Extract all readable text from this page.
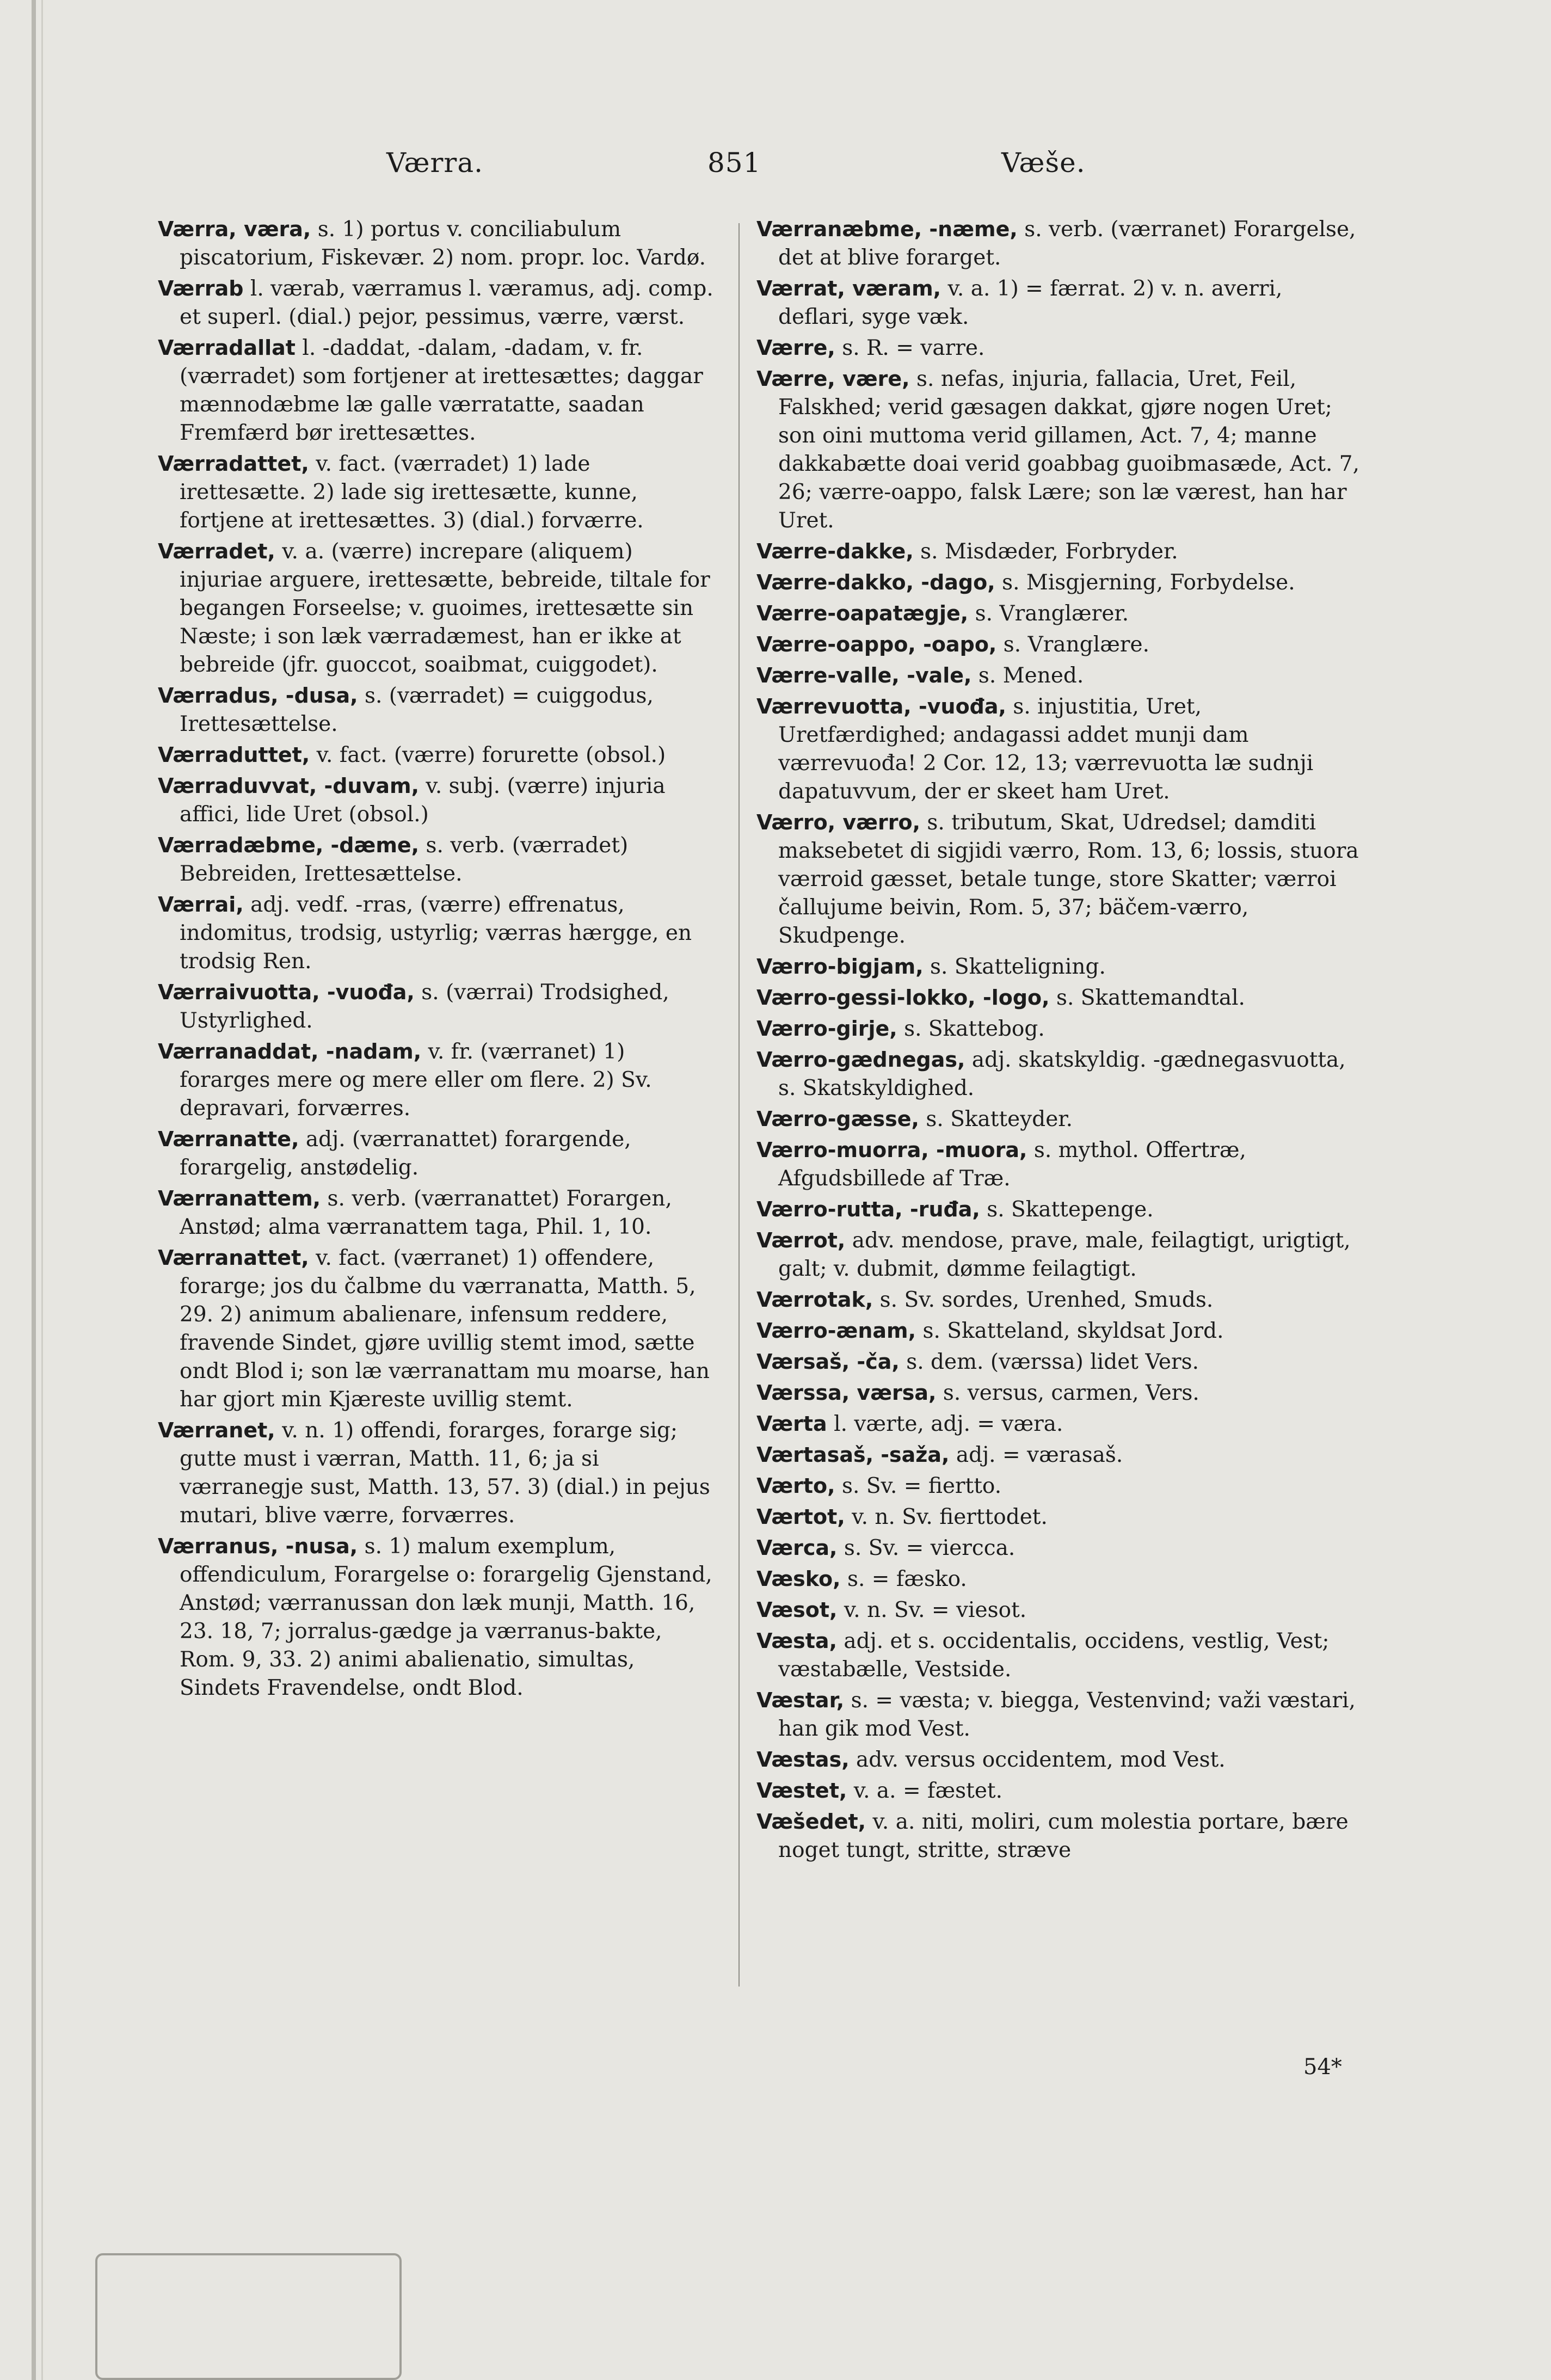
Værra.	851	Væše.

Værra, væra, s. 1) portus v. conciliabulum piscatorium, Fiskevær. 2) nom. propr. loc. Vardø.

Værrab l. værab, værramus l. væramus, adj. comp. et superl. (dial.) pejor, pessimus, værre, værst.

Værradallat l. -daddat, -dalam, -dadam, v. fr. (værradet) som fortjener at irettesættes; daggar mænnodæbme læ galle værratatte, saadan Fremfærd bør irettesættes.

Værradattet, v. fact. (værradet) 1) lade irettesætte. 2) lade sig irettesætte, kunne, fortjene at irettesættes. 3) (dial.) forværre.

Værradet, v. a. (værre) increpare (aliquem) injuriae arguere, irettesætte, bebreide, tiltale for begangen Forseelse; v. guoimes, irettesætte sin Næste; i son læk værradæmest, han er ikke at bebreide (jfr. guoccot, soaibmat, cuiggodet).

Værradus, -dusa, s. (værradet) = cuiggodus, Irettesættelse.

Værraduttet, v. fact. (værre) forurette (obsol.)

Værraduvvat, -duvam, v. subj. (værre) injuria affici, lide Uret (obsol.)

Værradæbme, -dæme, s. verb. (værradet) Bebreiden, Irettesættelse.

Værrai, adj. vedf. -rras, (værre) effrenatus, indomitus, trodsig, ustyrlig; værras hærgge, en trodsig Ren.

Værraivuotta, -vuođa, s. (værrai) Trodsighed, Ustyrlighed.

Værranaddat, -nadam, v. fr. (værranet) 1) forarges mere og mere eller om flere. 2) Sv. depravari, forværres.

Værranatte, adj. (værranattet) forargende, forargelig, anstødelig.

Værranattem, s. verb. (værranattet) Forargen, Anstød; alma værranattem taga, Phil. 1, 10.

Værranattet, v. fact. (værranet) 1) offendere, forarge; jos du čalbme du værranatta, Matth. 5, 29. 2) animum abalienare, infensum reddere, fravende Sindet, gjøre uvillig stemt imod, sætte ondt Blod i; son læ værranattam mu moarse, han har gjort min Kjæreste uvillig stemt.

Værranet, v. n. 1) offendi, forarges, forarge sig; gutte must i værran, Matth. 11, 6; ja si værranegje sust, Matth. 13, 57. 3) (dial.) in pejus mutari, blive værre, forværres.

Værranus, -nusa, s. 1) malum exemplum, offendiculum, Forargelse o: forargelig Gjenstand, Anstød; værranussan don læk munji, Matth. 16, 23. 18, 7; jorralus-gædge ja værranus-bakte, Rom. 9, 33. 2) animi abalienatio, simultas, Sindets Fravendelse, ondt Blod.

Værranæbme, -næme, s. verb. (værranet) Forargelse, det at blive forarget.

Værrat, væram, v. a. 1) = færrat. 2) v. n. averri, deflari, syge væk.

Værre, s. R. = varre.

Værre, være, s. nefas, injuria, fallacia, Uret, Feil, Falskhed; verid gæsagen dakkat, gjøre nogen Uret; son oini muttoma verid gillamen, Act. 7, 4; manne dakkabætte doai verid goabbag guoibmasæde, Act. 7, 26; værre-oappo, falsk Lære; son læ værest, han har Uret.

Værre-dakke, s. Misdæder, Forbryder.

Værre-dakko, -dago, s. Misgjerning, Forbydelse.

Værre-oapatægje, s. Vranglærer.

Værre-oappo, -oapo, s. Vranglære.

Værre-valle, -vale, s. Mened.

Værrevuotta, -vuođa, s. injustitia, Uret, Uretfærdighed; andagassi addet munji dam værrevuođa! 2 Cor. 12, 13; værrevuotta læ sudnji dapatuvvum, der er skeet ham Uret.

Værro, værro, s. tributum, Skat, Udredsel; damditi maksebetet di sigjidi værro, Rom. 13, 6; lossis, stuora værroid gæsset, betale tunge, store Skatter; værroi čallujume beivin, Rom. 5, 37; bäčem-værro, Skudpenge.

Værro-bigjam, s. Skatteligning.

Værro-gessi-lokko, -logo, s. Skattemandtal.

Værro-girje, s. Skattebog.

Værro-gædnegas, adj. skatskyldig. -gædnegasvuotta, s. Skatskyldighed.

Værro-gæsse, s. Skatteyder.

Værro-muorra, -muora, s. mythol. Offertræ, Afgudsbillede af Træ.

Værro-rutta, -ruđa, s. Skattepenge.

Værrot, adv. mendose, prave, male, feilagtigt, urigtigt, galt; v. dubmit, dømme feilagtigt.

Værrotak, s. Sv. sordes, Urenhed, Smuds.

Værro-ænam, s. Skatteland, skyldsat Jord.

Værsaš, -ča, s. dem. (værssa) lidet Vers.

Værssa, værsa, s. versus, carmen, Vers.

Værta l. værte, adj. = væra.

Værtasaš, -saža, adj. = værasaš.

Værto, s. Sv. = fiertto.

Værtot, v. n. Sv. fierttodet.

Værca, s. Sv. = viercca.

Væsko, s. = fæsko.

Væsot, v. n. Sv. = viesot.

Væsta, adj. et s. occidentalis, occidens, vestlig, Vest; væstabælle, Vestside.

Væstar, s. = væsta; v. biegga, Vestenvind; važi væstari, han gik mod Vest.

Væstas, adv. versus occidentem, mod Vest.

Væstet, v. a. = fæstet.

Væšedet, v. a. niti, moliri, cum molestia portare, bære noget tungt, stritte, stræve

54*
